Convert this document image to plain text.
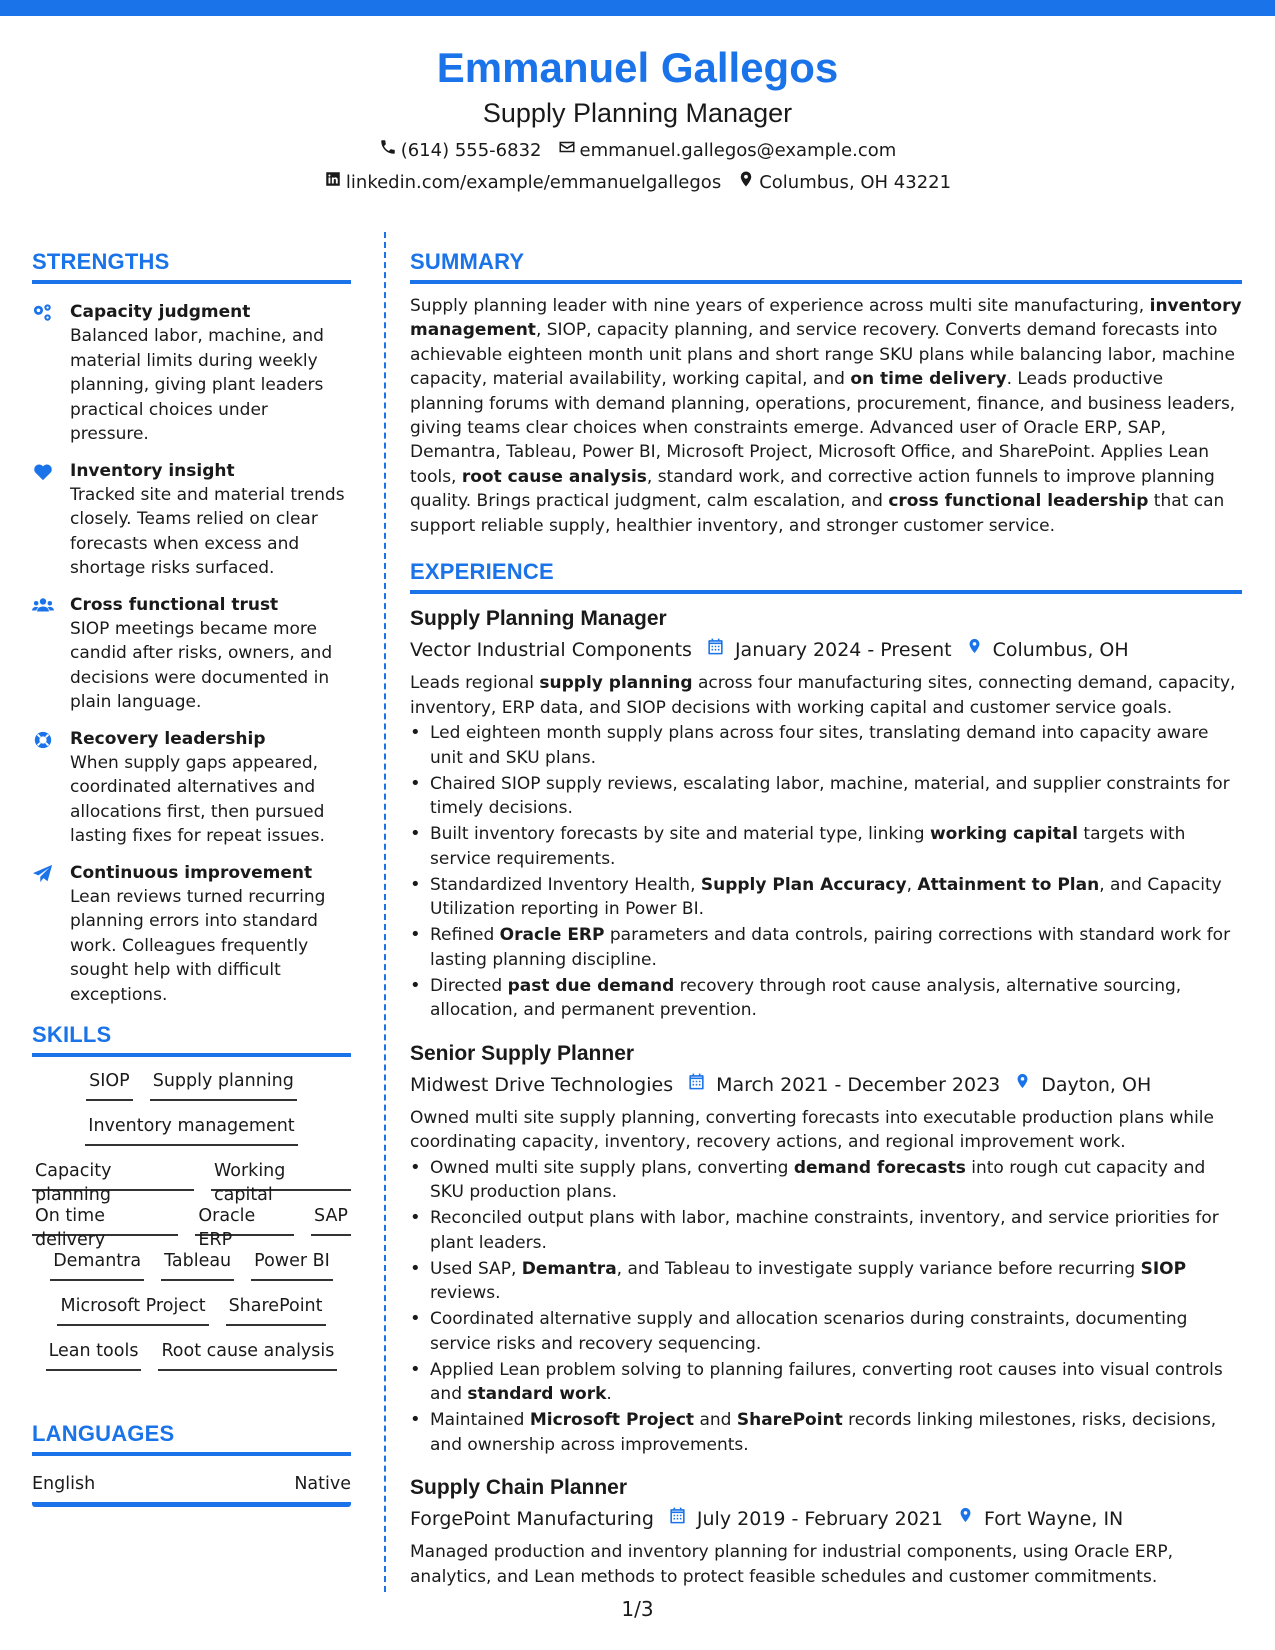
Emmanuel Gallegos
Supply Planning Manager
(614) 555-6832 emmanuel.gallegos@example.com
linkedin.com/example/emmanuelgallegos Columbus, OH 43221
STRENGTHS
Capacity judgment
Balanced labor, machine, and material limits during weekly planning, giving plant leaders practical choices under pressure.
Inventory insight
Tracked site and material trends closely. Teams relied on clear forecasts when excess and shortage risks surfaced.
Cross functional trust
SIOP meetings became more candid after risks, owners, and decisions were documented in plain language.
Recovery leadership
When supply gaps appeared, coordinated alternatives and allocations first, then pursued lasting fixes for repeat issues.
Continuous improvement
Lean reviews turned recurring planning errors into standard work. Colleagues frequently sought help with difficult exceptions.
SKILLS
SIOP Supply planning
Inventory management
Capacity planning
Working capital
On time delivery
Oracle ERP
SAP
Demantra Tableau Power BI
Microsoft Project SharePoint
Lean tools Root cause analysis
LANGUAGES
English	Native
SUMMARY
Supply planning leader with nine years of experience across multi site manufacturing, inventory management, SIOP, capacity planning, and service recovery. Converts demand forecasts into achievable eighteen month unit plans and short range SKU plans while balancing labor, machine capacity, material availability, working capital, and on time delivery. Leads productive planning forums with demand planning, operations, procurement, finance, and business leaders, giving teams clear choices when constraints emerge. Advanced user of Oracle ERP, SAP, Demantra, Tableau, Power BI, Microsoft Project, Microsoft Office, and SharePoint. Applies Lean tools, root cause analysis, standard work, and corrective action funnels to improve planning quality. Brings practical judgment, calm escalation, and cross functional leadership that can support reliable supply, healthier inventory, and stronger customer service.
EXPERIENCE
Supply Planning Manager
Vector Industrial Components January 2024 - Present Columbus, OH
Leads regional supply planning across four manufacturing sites, connecting demand, capacity, inventory, ERP data, and SIOP decisions with working capital and customer service goals.
• Led eighteen month supply plans across four sites, translating demand into capacity aware unit and SKU plans.
• Chaired SIOP supply reviews, escalating labor, machine, material, and supplier constraints for timely decisions.
• Built inventory forecasts by site and material type, linking working capital targets with service requirements.
• Standardized Inventory Health, Supply Plan Accuracy, Attainment to Plan, and Capacity Utilization reporting in Power BI.
• Refined Oracle ERP parameters and data controls, pairing corrections with standard work for lasting planning discipline.
• Directed past due demand recovery through root cause analysis, alternative sourcing, allocation, and permanent prevention.
Senior Supply Planner
Midwest Drive Technologies March 2021 - December 2023 Dayton, OH
Owned multi site supply planning, converting forecasts into executable production plans while coordinating capacity, inventory, recovery actions, and regional improvement work.
• Owned multi site supply plans, converting demand forecasts into rough cut capacity and SKU production plans.
• Reconciled output plans with labor, machine constraints, inventory, and service priorities for plant leaders.
• Used SAP, Demantra, and Tableau to investigate supply variance before recurring SIOP reviews.
• Coordinated alternative supply and allocation scenarios during constraints, documenting service risks and recovery sequencing.
• Applied Lean problem solving to planning failures, converting root causes into visual controls and standard work.
• Maintained Microsoft Project and SharePoint records linking milestones, risks, decisions, and ownership across improvements.
Supply Chain Planner
ForgePoint Manufacturing July 2019 - February 2021 Fort Wayne, IN
Managed production and inventory planning for industrial components, using Oracle ERP, analytics, and Lean methods to protect feasible schedules and customer commitments.
1/3
